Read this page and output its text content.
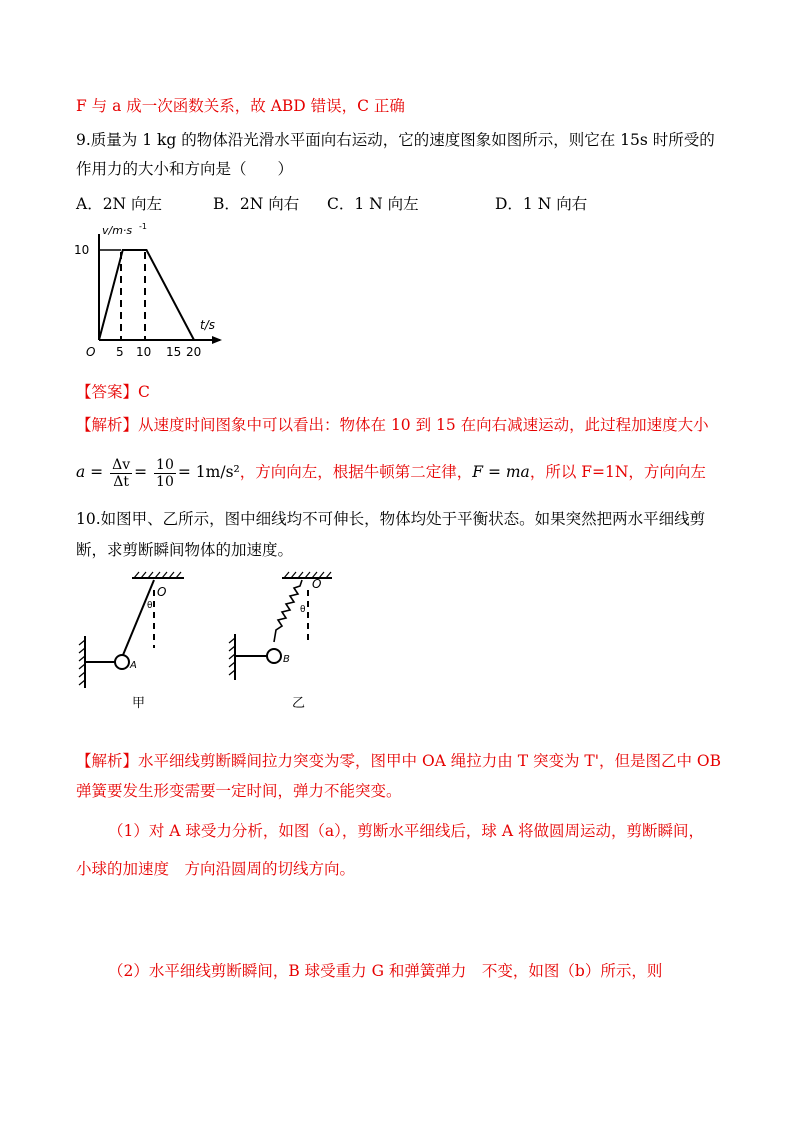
F 与 a 成一次函数关系，故 ABD 错误，C 正确
9.质量为 1 kg 的物体沿光滑水平面向右运动，它的速度图象如图所示，则它在 15s 时所受的
作用力的大小和方向是（　　）
A．2N 向左	B．2N 向右 C．1 N 向左	D．1 N 向右
v/m·s -1
t/s
10
O 5 10 15 20
【答案】C
【解析】从速度时间图象中可以看出：物体在 10 到 15 在向右减速运动，此过程加速度大小
$a = \frac{\Delta v}{\Delta t} = \frac{10}{10} = 1m/s^2$，方向向左，根据牛顿第二定律，F = ma，所以 F=1N，方向向左
10.如图甲、乙所示，图中细线均不可伸长，物体均处于平衡状态。如果突然把两水平细线剪
断，求剪断瞬间物体的加速度。
A
O
θ
甲
B
O
θ
乙
【解析】水平细线剪断瞬间拉力突变为零，图甲中 OA 绳拉力由 T 突变为 T'，但是图乙中 OB
弹簧要发生形变需要一定时间，弹力不能突变。
（1）对 A 球受力分析，如图（a），剪断水平细线后，球 A 将做圆周运动，剪断瞬间，
小球的加速度　方向沿圆周的切线方向。
（2）水平细线剪断瞬间，B 球受重力 G 和弹簧弹力　不变，如图（b）所示，则
